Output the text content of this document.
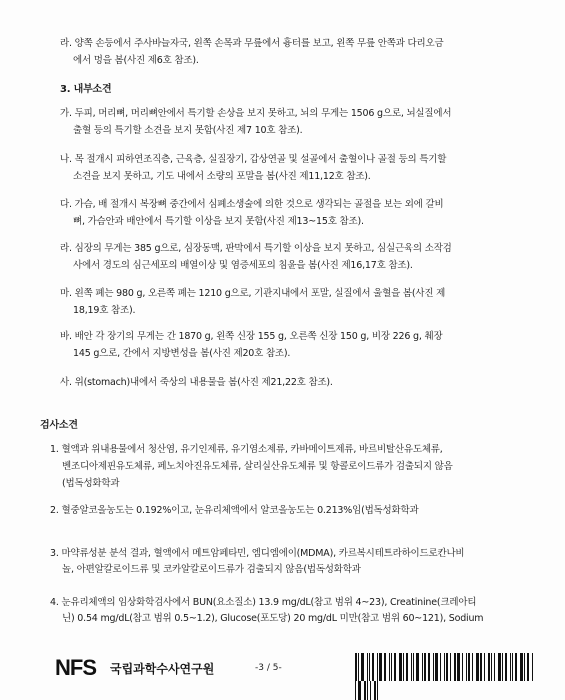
라. 양쪽 손등에서 주사바늘자국, 왼쪽 손목과 무릎에서 흉터를 보고, 왼쪽 무릎 안쪽과 다리오금
에서 멍을 봄(사진 제6호 참조).
3. 내부소견
가. 두피, 머리뼈, 머리뼈안에서 특기할 손상을 보지 못하고, 뇌의 무게는 1506 g으로, 뇌실질에서
출혈 등의 특기할 소견을 보지 못함(사진 제7 10호 참조).
나. 목 절개시 피하연조직층, 근육층, 실질장기, 갑상연골 및 설골에서 출혈이나 골절 등의 특기할
소견을 보지 못하고, 기도 내에서 소량의 포말을 봄(사진 제11,12호 참조).
다. 가슴, 배 절개시 복장뼈 중간에서 심폐소생술에 의한 것으로 생각되는 골절을 보는 외에 갈비
뼈, 가슴안과 배안에서 특기할 이상을 보지 못함(사진 제13~15호 참조).
라. 심장의 무게는 385 g으로, 심장동맥, 판막에서 특기할 이상을 보지 못하고, 심실근육의 소작검
사에서 경도의 심근세포의 배열이상 및 염증세포의 침윤을 봄(사진 제16,17호 참조).
마. 왼쪽 폐는 980 g, 오른쪽 폐는 1210 g으로, 기관지내에서 포말, 실질에서 울혈을 봄(사진 제
18,19호 참조).
바. 배안 각 장기의 무게는 간 1870 g, 왼쪽 신장 155 g, 오른쪽 신장 150 g, 비장 226 g, 췌장
145 g으로, 간에서 지방변성을 봄(사진 제20호 참조).
사. 위(stomach)내에서 죽상의 내용물을 봄(사진 제21,22호 참조).
검사소견
1. 혈액과 위내용물에서 청산염, 유기인제류, 유기염소제류, 카바메이트제류, 바르비탈산유도체류,
벤조디아제핀유도체류, 페노치아진유도체류, 살리실산유도체류 및 항콜로이드류가 검출되지 않음
(법독성화학과
2. 혈중알코올농도는 0.192%이고, 눈유리체액에서 알코올농도는 0.213%임(법독성화학과
3. 마약류성분 분석 결과, 혈액에서 메트암페타민, 엠디엠에이(MDMA), 카르복시테트라하이드로칸나비
놀, 아편알칼로이드류 및 코카알칼로이드류가 검출되지 않음(법독성화학과
4. 눈유리체액의 임상화학검사에서 BUN(요소질소) 13.9 mg/dL(참고 범위 4~23), Creatinine(크레아티
닌) 0.54 mg/dL(참고 범위 0.5~1.2), Glucose(포도당) 20 mg/dL 미만(참고 범위 60~121), Sodium
NFS 국립과학수사연구원	-3 / 5-
